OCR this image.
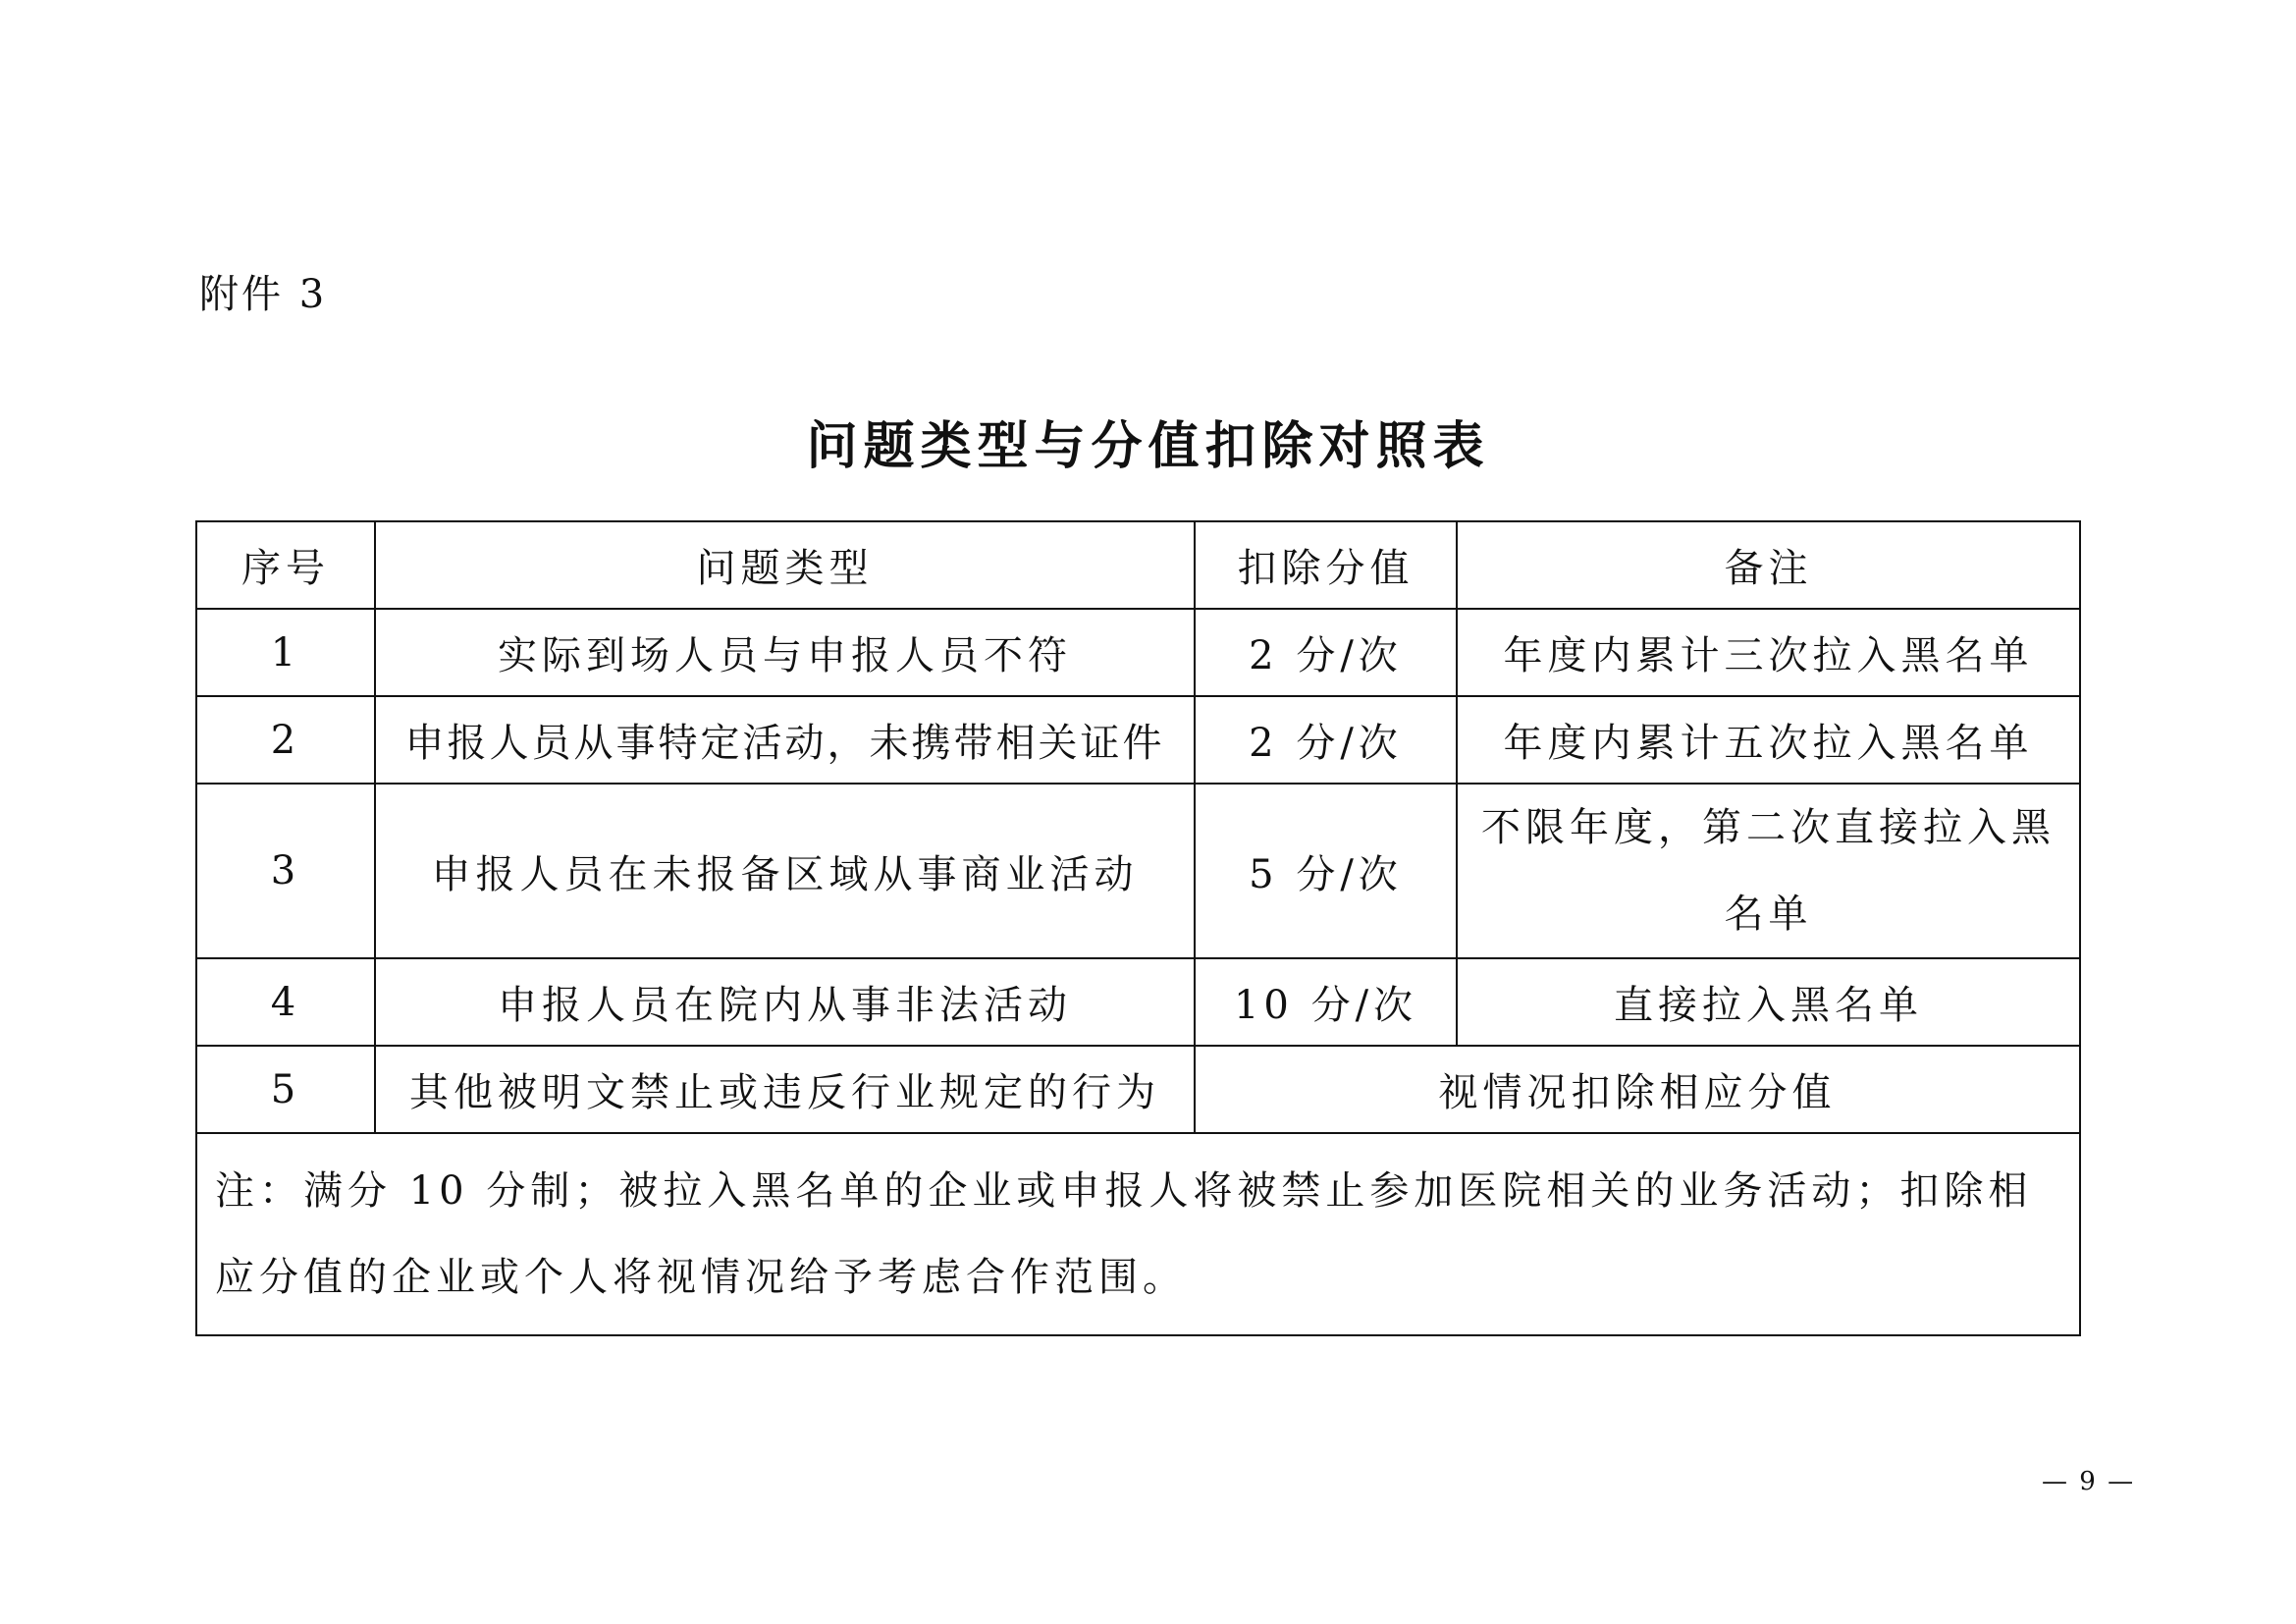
附件 3
问题类型与分值扣除对照表
序号	问题类型	扣除分值	备注
1	实际到场人员与申报人员不符	2 分/次	年度内累计三次拉入黑名单
2	申报人员从事特定活动，未携带相关证件	2 分/次	年度内累计五次拉入黑名单
3	申报人员在未报备区域从事商业活动	5 分/次	不限年度，第二次直接拉入黑名单
4	申报人员在院内从事非法活动	10 分/次	直接拉入黑名单
5	其他被明文禁止或违反行业规定的行为	视情况扣除相应分值	
注：满分 10 分制；被拉入黑名单的企业或申报人将被禁止参加医院相关的业务活动；扣除相应分值的企业或个人将视情况给予考虑合作范围。			
— 9 —
